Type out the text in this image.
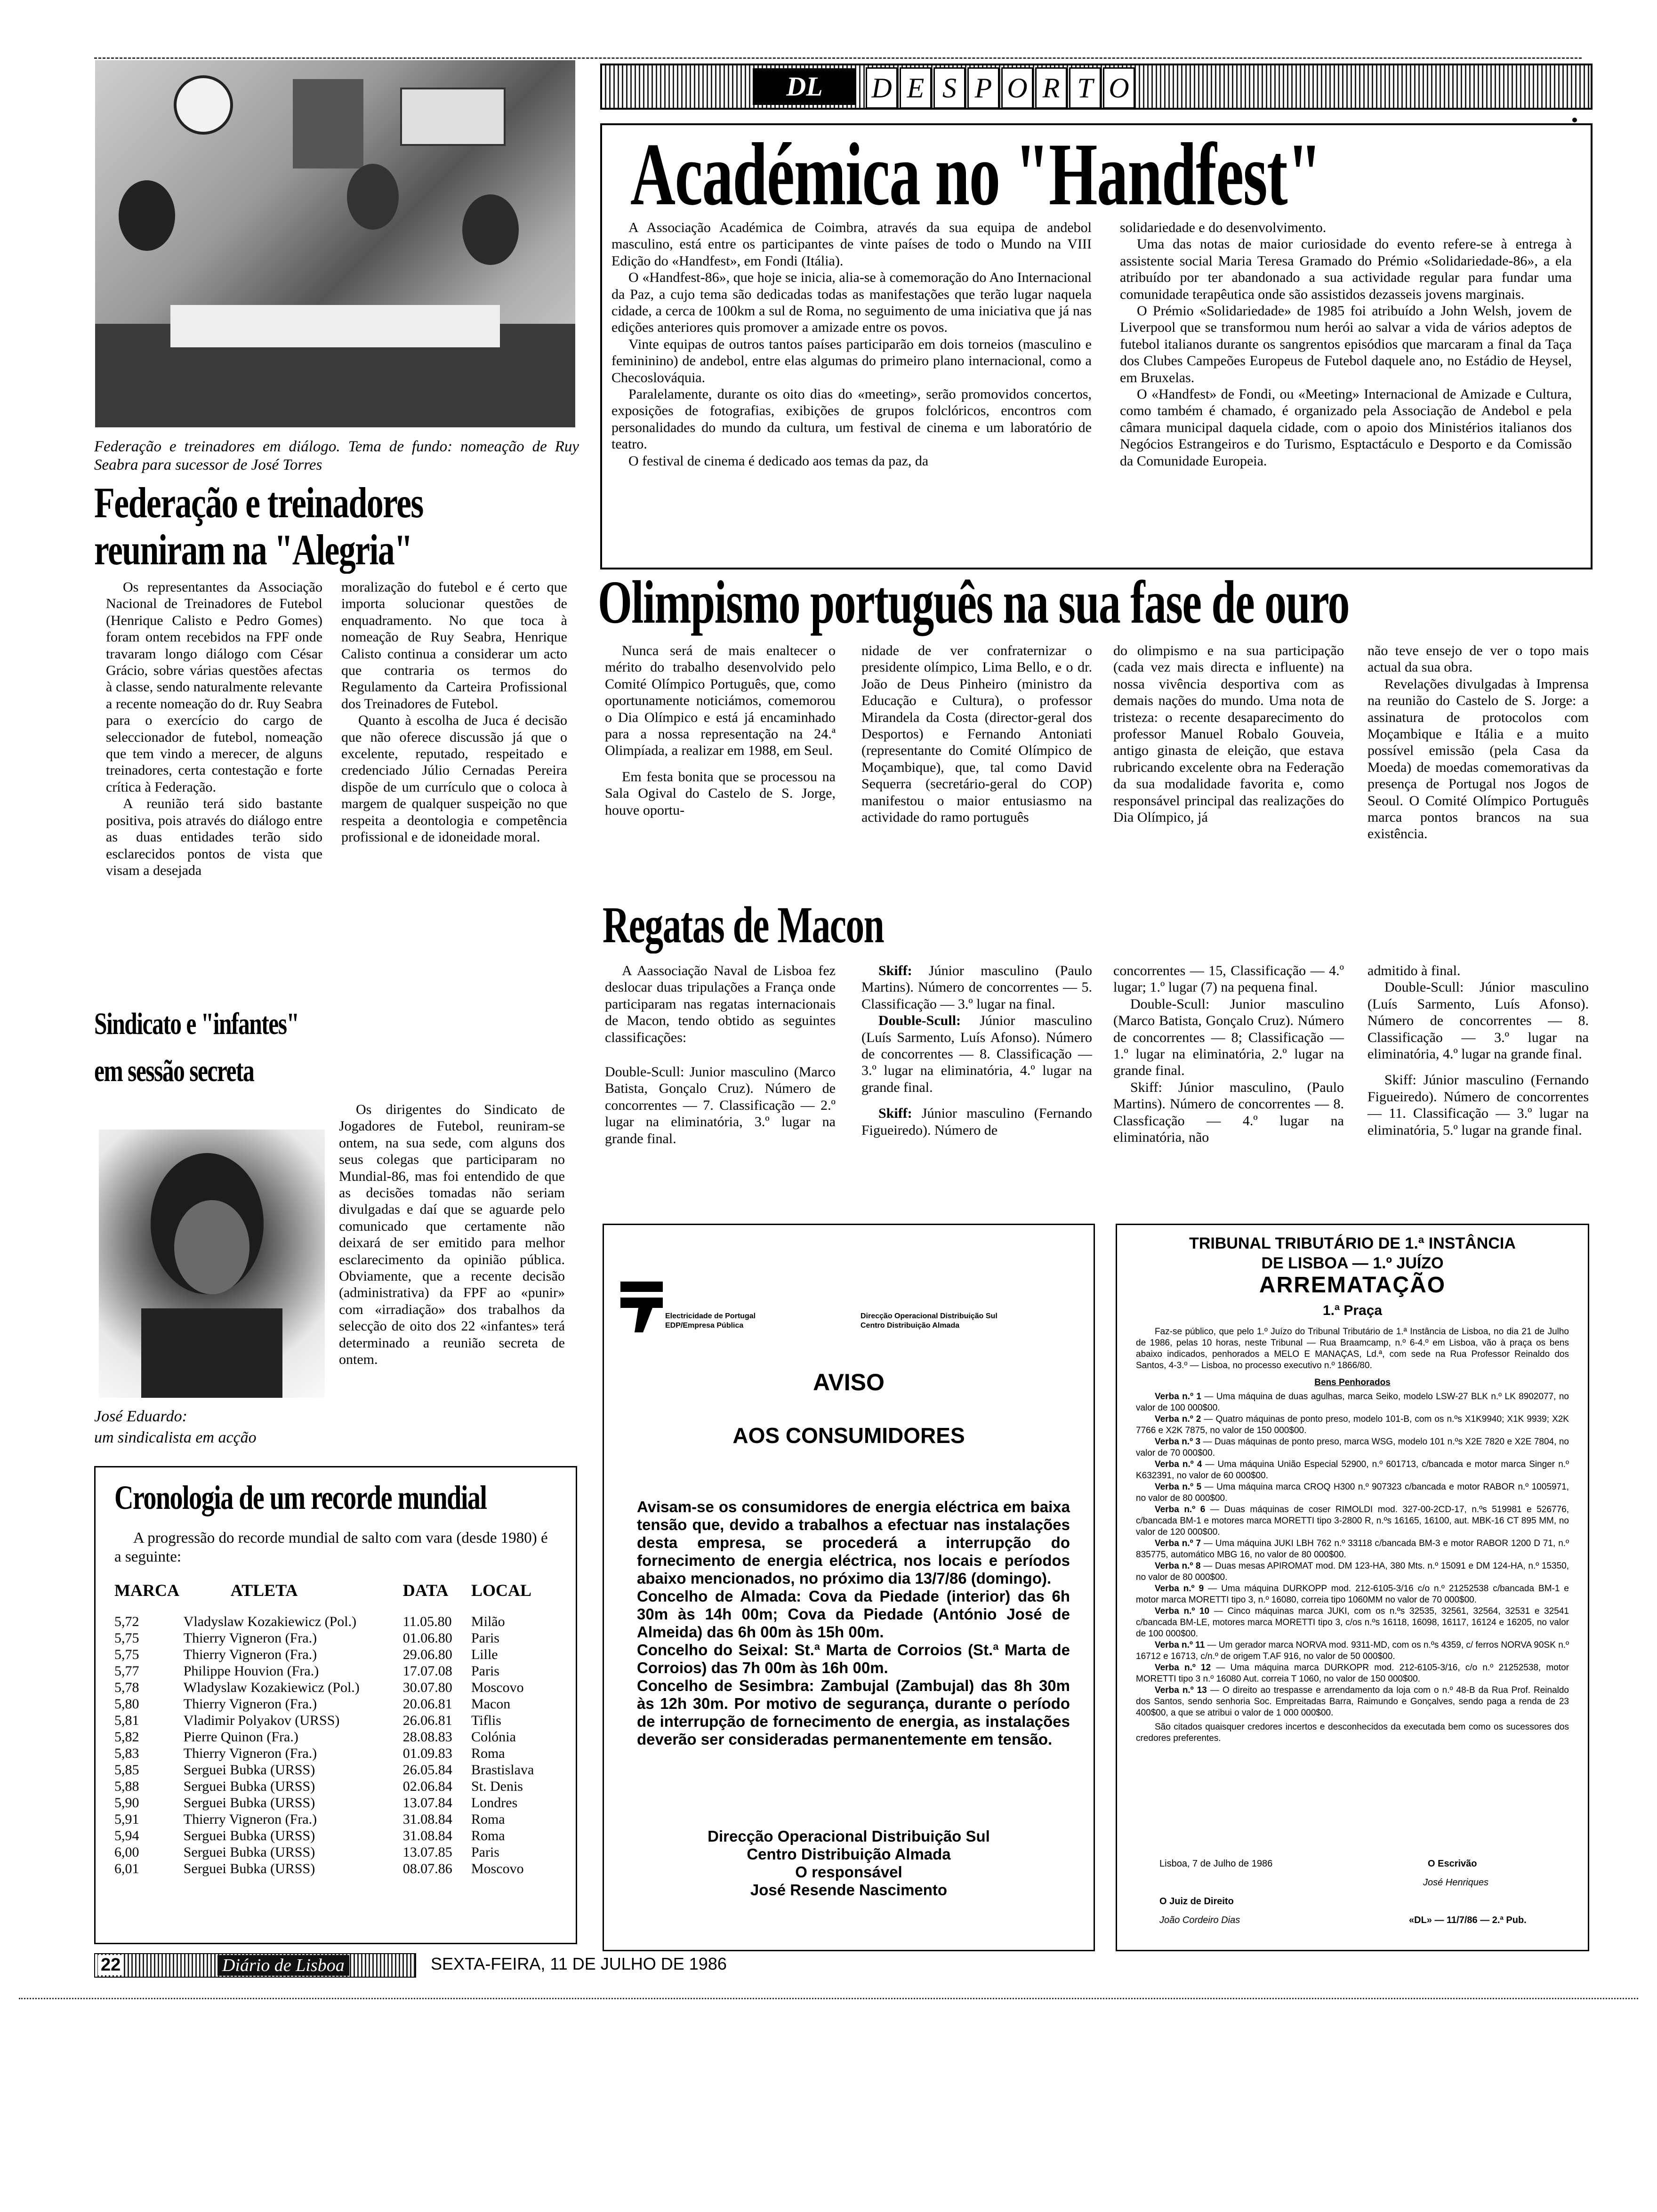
Federação e treinadores em diálogo. Tema de fundo: nomeação de Ruy Seabra para sucessor de José Torres
Federação e treinadores
reuniram na "Alegria"

Os representantes da Associação Nacional de Treinadores de Futebol (Henrique Calisto e Pedro Gomes) foram ontem recebidos na FPF onde travaram longo diálogo com César Grácio, sobre várias questões afectas à classe, sendo naturalmente relevante a recente nomeação do dr. Ruy Seabra para o exercício do cargo de seleccionador de futebol, nomeação que tem vindo a merecer, de alguns treinadores, certa contestação e forte crítica à Federação.

A reunião terá sido bastante positiva, pois através do diálogo entre as duas entidades terão sido esclarecidos pontos de vista que visam a desejada

moralização do futebol e é certo que importa solucionar questões de enquadramento. No que toca à nomeação de Ruy Seabra, Henrique Calisto continua a considerar um acto que contraria os termos do Regulamento da Carteira Profissional dos Treinadores de Futebol.

Quanto à escolha de Juca é decisão que não oferece discussão já que o excelente, reputado, respeitado e credenciado Júlio Cernadas Pereira dispõe de um currículo que o coloca à margem de qualquer suspeição no que respeita a deontologia e competência profissional e de idoneidade moral.

Sindicato e "infantes"
em sessão secreta
José Eduardo:
um sindicalista em acção

Os dirigentes do Sindicato de Jogadores de Futebol, reuniram-se ontem, na sua sede, com alguns dos seus colegas que participaram no Mundial-86, mas foi entendido de que as decisões tomadas não seriam divulgadas e daí que se aguarde pelo comunicado que certamente não deixará de ser emitido para melhor esclarecimento da opinião pública. Obviamente, que a recente decisão (administrativa) da FPF ao «punir» com «irradiação» dos trabalhos da selecção de oito dos 22 «infantes» terá determinado a reunião secreta de ontem.

Cronologia de um recorde mundial
A progressão do recorde mundial de salto com vara (desde 1980) é a seguinte:
MARCA	ATLETA	DATA	LOCAL
5,72	Vladyslaw Kozakiewicz (Pol.)	11.05.80	Milão
5,75	Thierry Vigneron (Fra.)	01.06.80	Paris
5,75	Thierry Vigneron (Fra.)	29.06.80	Lille
5,77	Philippe Houvion (Fra.)	17.07.08	Paris
5,78	Wladyslaw Kozakiewicz (Pol.)	30.07.80	Moscovo
5,80	Thierry Vigneron (Fra.)	20.06.81	Macon
5,81	Vladimir Polyakov (URSS)	26.06.81	Tiflis
5,82	Pierre Quinon (Fra.)	28.08.83	Colónia
5,83	Thierry Vigneron (Fra.)	01.09.83	Roma
5,85	Serguei Bubka (URSS)	26.05.84	Brastislava
5,88	Serguei Bubka (URSS)	02.06.84	St. Denis
5,90	Serguei Bubka (URSS)	13.07.84	Londres
5,91	Thierry Vigneron (Fra.)	31.08.84	Roma
5,94	Serguei Bubka (URSS)	31.08.84	Roma
6,00	Serguei Bubka (URSS)	13.07.85	Paris
6,01	Serguei Bubka (URSS)	08.07.86	Moscovo
DL	D E S P O R T O
Académica no "Handfest"

A Associação Académica de Coimbra, através da sua equipa de andebol masculino, está entre os participantes de vinte países de todo o Mundo na VIII Edição do «Handfest», em Fondi (Itália).

O «Handfest-86», que hoje se inicia, alia-se à comemoração do Ano Internacional da Paz, a cujo tema são dedicadas todas as manifestações que terão lugar naquela cidade, a cerca de 100km a sul de Roma, no seguimento de uma iniciativa que já nas edições anteriores quis promover a amizade entre os povos.

Vinte equipas de outros tantos países participarão em dois torneios (masculino e femininino) de andebol, entre elas algumas do primeiro plano internacional, como a Checoslováquia.

Paralelamente, durante os oito dias do «meeting», serão promovidos concertos, exposições de fotografias, exibições de grupos folclóricos, encontros com personalidades do mundo da cultura, um festival de cinema e um laboratório de teatro.

O festival de cinema é dedicado aos temas da paz, da

solidariedade e do desenvolvimento.

Uma das notas de maior curiosidade do evento refere-se à entrega à assistente social Maria Teresa Gramado do Prémio «Solidariedade-86», a ela atribuído por ter abandonado a sua actividade regular para fundar uma comunidade terapêutica onde são assistidos dezasseis jovens marginais.

O Prémio «Solidariedade» de 1985 foi atribuído a John Welsh, jovem de Liverpool que se transformou num herói ao salvar a vida de vários adeptos de futebol italianos durante os sangrentos episódios que marcaram a final da Taça dos Clubes Campeões Europeus de Futebol daquele ano, no Estádio de Heysel, em Bruxelas.

O «Handfest» de Fondi, ou «Meeting» Internacional de Amizade e Cultura, como também é chamado, é organizado pela Associação de Andebol e pela câmara municipal daquela cidade, com o apoio dos Ministérios italianos dos Negócios Estrangeiros e do Turismo, Esptactáculo e Desporto e da Comissão da Comunidade Europeia.

Olimpismo português na sua fase de ouro

Nunca será de mais enaltecer o mérito do trabalho desenvolvido pelo Comité Olímpico Português, que, como oportunamente noticiámos, comemorou o Dia Olímpico e está já encaminhado para a nossa representação na 24.ª Olimpíada, a realizar em 1988, em Seul.

Em festa bonita que se processou na Sala Ogival do Castelo de S. Jorge, houve oportu-

nidade de ver confraternizar o presidente olímpico, Lima Bello, e o dr. João de Deus Pinheiro (ministro da Educação e Cultura), o professor Mirandela da Costa (director-geral dos Desportos) e Fernando Antoniati (representante do Comité Olímpico de Moçambique), que, tal como David Sequerra (secretário-geral do COP) manifestou o maior entusiasmo na actividade do ramo português

do olimpismo e na sua participação (cada vez mais directa e influente) na nossa vivência desportiva com as demais nações do mundo. Uma nota de tristeza: o recente desaparecimento do professor Manuel Robalo Gouveia, antigo ginasta de eleição, que estava rubricando excelente obra na Federação da sua modalidade favorita e, como responsável principal das realizações do Dia Olímpico, já

não teve ensejo de ver o topo mais actual da sua obra.

Revelações divulgadas à Imprensa na reunião do Castelo de S. Jorge: a assinatura de protocolos com Moçambique e Itália e a muito possível emissão (pela Casa da Moeda) de moedas comemorativas da presença de Portugal nos Jogos de Seoul. O Comité Olímpico Português marca pontos brancos na sua existência.

Regatas de Macon

A Aassociação Naval de Lisboa fez deslocar duas tripulações a França onde participaram nas regatas internacionais de Macon, tendo obtido as seguintes classificações:

Double-Scull: Junior masculino (Marco Batista, Gonçalo Cruz). Número de concorrentes — 7. Classificação — 2.º lugar na eliminatória, 3.º lugar na grande final.

Skiff: Júnior masculino (Paulo Martins). Número de concorrentes — 5. Classificação — 3.º lugar na final.

Double-Scull: Júnior masculino (Luís Sarmento, Luís Afonso). Número de concorrentes — 8. Classificação — 3.º lugar na eliminatória, 4.º lugar na grande final.

Skiff: Júnior masculino (Fernando Figueiredo). Número de

concorrentes — 15, Classificação — 4.º lugar; 1.º lugar (7) na pequena final.

Double-Scull: Junior masculino (Marco Batista, Gonçalo Cruz). Número de concorrentes — 8; Classificação — 1.º lugar na eliminatória, 2.º lugar na grande final.

Skiff: Júnior masculino, (Paulo Martins). Número de concorrentes — 8. Classficação — 4.º lugar na eliminatória, não

admitido à final.

Double-Scull: Júnior masculino (Luís Sarmento, Luís Afonso). Número de concorrentes — 8. Classificação — 3.º lugar na eliminatória, 4.º lugar na grande final.

Skiff: Júnior masculino (Fernando Figueiredo). Número de concorrentes — 11. Classificação — 3.º lugar na eliminatória, 5.º lugar na grande final.

Electricidade de Portugal
EDP/Empresa Pública
Direcção Operacional Distribuição Sul
Centro Distribuição Almada
AVISO
AOS CONSUMIDORES
Avisam-se os consumidores de energia eléctrica em baixa tensão que, devido a trabalhos a efectuar nas instalações desta empresa, se procederá a interrupção do fornecimento de energia eléctrica, nos locais e períodos abaixo mencionados, no próximo dia 13/7/86 (domingo).
Concelho de Almada: Cova da Piedade (interior) das 6h 30m às 14h 00m; Cova da Piedade (António José de Almeida) das 6h 00m às 15h 00m.
Concelho do Seixal: St.ª Marta de Corroios (St.ª Marta de Corroios) das 7h 00m às 16h 00m.
Concelho de Sesimbra: Zambujal (Zambujal) das 8h 30m às 12h 30m. Por motivo de segurança, durante o período de interrupção de fornecimento de energia, as instalações deverão ser consideradas permanentemente em tensão.
Direcção Operacional Distribuição Sul
Centro Distribuição Almada
O responsável
José Resende Nascimento
TRIBUNAL TRIBUTÁRIO DE 1.ª INSTÂNCIA
DE LISBOA — 1.º JUÍZO
ARREMATAÇÃO
1.ª Praça

Faz-se público, que pelo 1.º Juízo do Tribunal Tributário de 1.ª Instância de Lisboa, no dia 21 de Julho de 1986, pelas 10 horas, neste Tribunal — Rua Braamcamp, n.º 6-4.º em Lisboa, vão à praça os bens abaixo indicados, penhorados a MELO E MANAÇAS, Ld.ª, com sede na Rua Professor Reinaldo dos Santos, 4-3.º — Lisboa, no processo executivo n.º 1866/80.

Bens Penhorados

Verba n.º 1 — Uma máquina de duas agulhas, marca Seiko, modelo LSW-27 BLK n.º LK 8902077, no valor de 100 000$00.

Verba n.º 2 — Quatro máquinas de ponto preso, modelo 101-B, com os n.ºs X1K9940; X1K 9939; X2K 7766 e X2K 7875, no valor de 150 000$00.

Verba n.º 3 — Duas máquinas de ponto preso, marca WSG, modelo 101 n.ºs X2E 7820 e X2E 7804, no valor de 70 000$00.

Verba n.º 4 — Uma máquina União Especial 52900, n.º 601713, c/bancada e motor marca Singer n.º K632391, no valor de 60 000$00.

Verba n.º 5 — Uma máquina marca CROQ H300 n.º 907323 c/bancada e motor RABOR n.º 1005971, no valor de 80 000$00.

Verba n.º 6 — Duas máquinas de coser RIMOLDI mod. 327-00-2CD-17, n.ºs 519981 e 526776, c/bancada BM-1 e motores marca MORETTI tipo 3-2800 R, n.ºs 16165, 16100, aut. MBK-16 CT 895 MM, no valor de 120 000$00.

Verba n.º 7 — Uma máquina JUKI LBH 762 n.º 33118 c/bancada BM-3 e motor RABOR 1200 D 71, n.º 835775, automático MBG 16, no valor de 80 000$00.

Verba n.º 8 — Duas mesas APIROMAT mod. DM 123-HA, 380 Mts. n.º 15091 e DM 124-HA, n.º 15350, no valor de 80 000$00.

Verba n.º 9 — Uma máquina DURKOPP mod. 212-6105-3/16 c/o n.º 21252538 c/bancada BM-1 e motor marca MORETTI tipo 3, n.º 16080, correia tipo 1060MM no valor de 70 000$00.

Verba n.º 10 — Cinco máquinas marca JUKI, com os n.ºs 32535, 32561, 32564, 32531 e 32541 c/bancada BM-LE, motores marca MORETTI tipo 3, c/os n.ºs 16118, 16098, 16117, 16124 e 16205, no valor de 100 000$00.

Verba n.º 11 — Um gerador marca NORVA mod. 9311-MD, com os n.ºs 4359, c/ ferros NORVA 90SK n.º 16712 e 16713, c/n.º de origem T.AF 916, no valor de 50 000$00.

Verba n.º 12 — Uma máquina marca DURKOPR mod. 212-6105-3/16, c/o n.º 21252538, motor MORETTI tipo 3 n.º 16080 Aut. correia T 1060, no valor de 150 000$00.

Verba n.º 13 — O direito ao trespasse e arrendamento da loja com o n.º 48-B da Rua Prof. Reinaldo dos Santos, sendo senhoria Soc. Empreitadas Barra, Raimundo e Gonçalves, sendo paga a renda de 23 400$00, a que se atribui o valor de 1 000 000$00.

São citados quaisquer credores incertos e desconhecidos da executada bem como os sucessores dos credores preferentes.

Lisboa, 7 de Julho de 1986	O Escrivão
José Henriques
O Juiz de Direito
João Cordeiro Dias	«DL» — 11/7/86 — 2.ª Pub.
22	Diário de Lisboa	SEXTA-FEIRA, 11 DE JULHO DE 1986
